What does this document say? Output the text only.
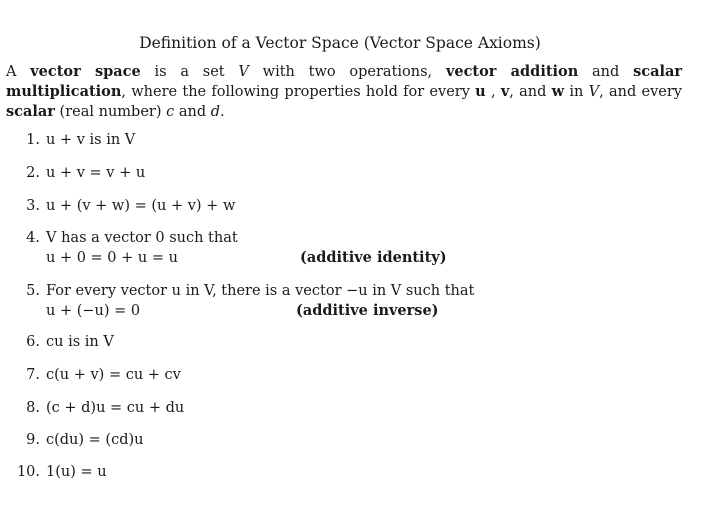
Definition of a Vector Space (Vector Space Axioms)
A vector space is a set V with two operations, vector addition and scalar multiplication, where the following properties hold for every u , v, and w in V, and every scalar (real number) c and d.
1. u + v is in V
2. u + v = v + u
3. u + (v + w) = (u + v) + w
4. V has a vector 0 such that
u + 0 = 0 + u = u	(additive identity)
5. For every vector u in V, there is a vector −u in V such that
u + (−u) = 0	(additive inverse)
6. cu is in V
7. c(u + v) = cu + cv
8. (c + d)u = cu + du
9. c(du) = (cd)u
10. 1(u) = u
